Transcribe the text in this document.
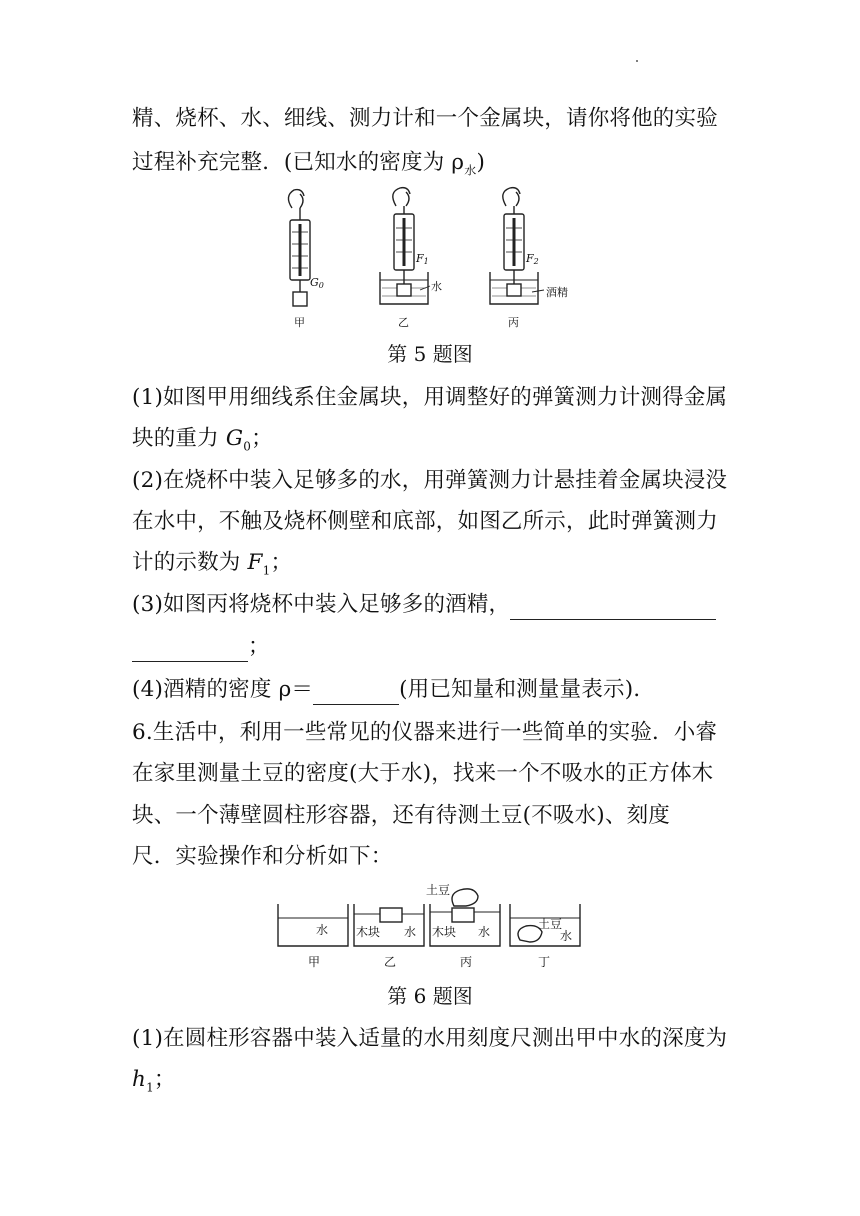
精、烧杯、水、细线、测力计和一个金属块，请你将他的实验
过程补充完整．(已知水的密度为 $\rho_水$)
G0
F1	F2
水	酒精
甲	乙	丙
第 5 题图
(1)如图甲用细线系住金属块，用调整好的弹簧测力计测得金属
块的重力 $G_0$；
(2)在烧杯中装入足够多的水，用弹簧测力计悬挂着金属块浸没
在水中，不触及烧杯侧壁和底部，如图乙所示，此时弹簧测力
计的示数为 $F_1$；
(3)如图丙将烧杯中装入足够多的酒精，
；
(4)酒精的密度 ρ＝	(用已知量和测量量表示)．
6.生活中，利用一些常见的仪器来进行一些简单的实验．小睿
在家里测量土豆的密度(大于水)，找来一个不吸水的正方体木
块、一个薄壁圆柱形容器，还有待测土豆(不吸水)、刻度
尺．实验操作和分析如下：
水 木块 水 木块 水
土豆
土豆
水
甲	乙	丙	丁
第 6 题图
(1)在圆柱形容器中装入适量的水用刻度尺测出甲中水的深度为
$h_1$；
